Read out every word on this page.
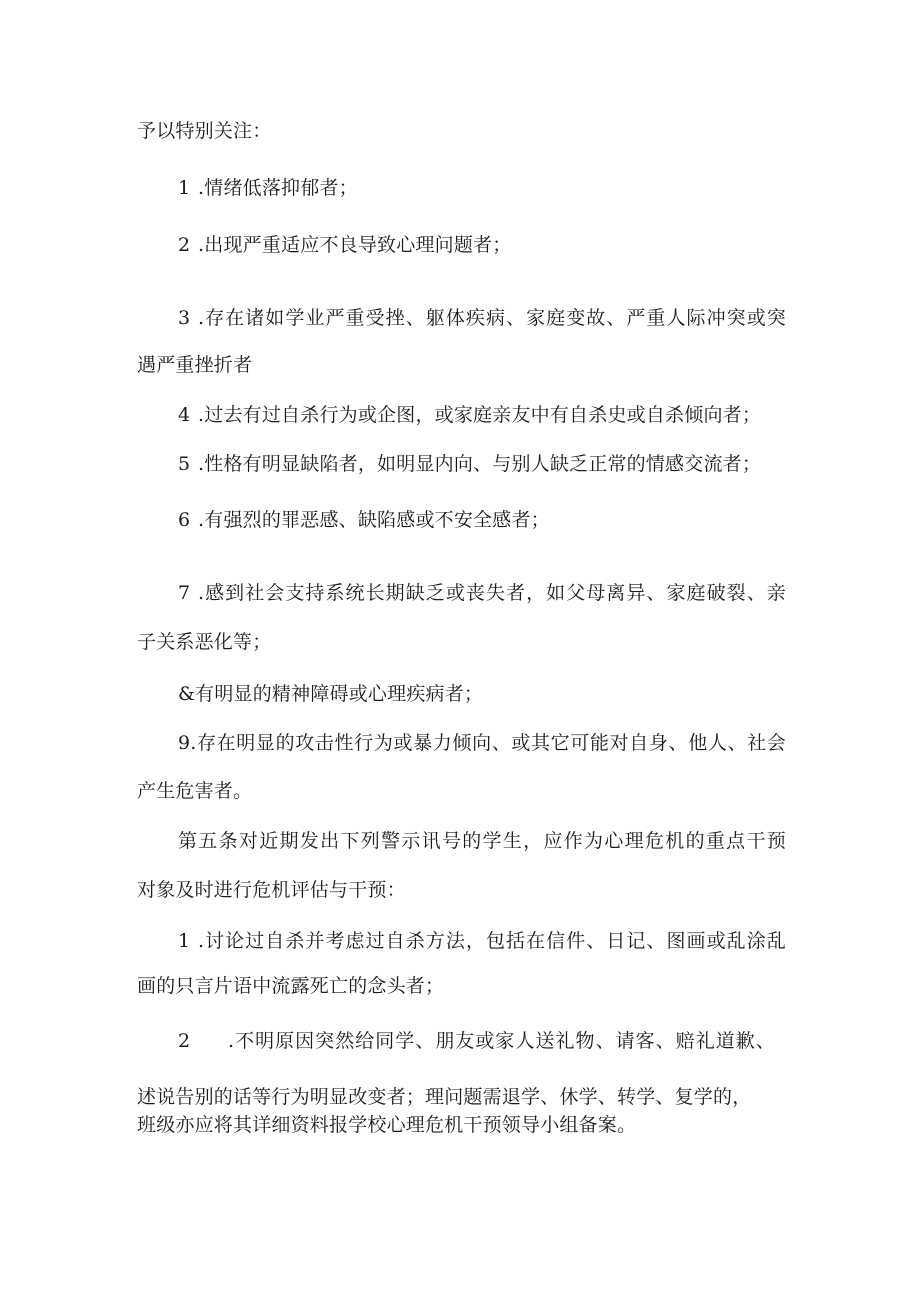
予以特别关注：
1 .情绪低落抑郁者；
2 .出现严重适应不良导致心理问题者；
3 .存在诸如学业严重受挫、躯体疾病、家庭变故、严重人际冲突或突
遇严重挫折者
4 .过去有过自杀行为或企图，或家庭亲友中有自杀史或自杀倾向者；
5 .性格有明显缺陷者，如明显内向、与别人缺乏正常的情感交流者；
6 .有强烈的罪恶感、缺陷感或不安全感者；
7 .感到社会支持系统长期缺乏或丧失者，如父母离异、家庭破裂、亲
子关系恶化等；
&有明显的精神障碍或心理疾病者；
9.存在明显的攻击性行为或暴力倾向、或其它可能对自身、他人、社会
产生危害者。
第五条对近期发出下列警示讯号的学生，应作为心理危机的重点干预
对象及时进行危机评估与干预：
1 .讨论过自杀并考虑过自杀方法，包括在信件、日记、图画或乱涂乱
画的只言片语中流露死亡的念头者；
2 .不明原因突然给同学、朋友或家人送礼物、请客、赔礼道歉、
述说告别的话等行为明显改变者；理问题需退学、休学、转学、复学的，
班级亦应将其详细资料报学校心理危机干预领导小组备案。
